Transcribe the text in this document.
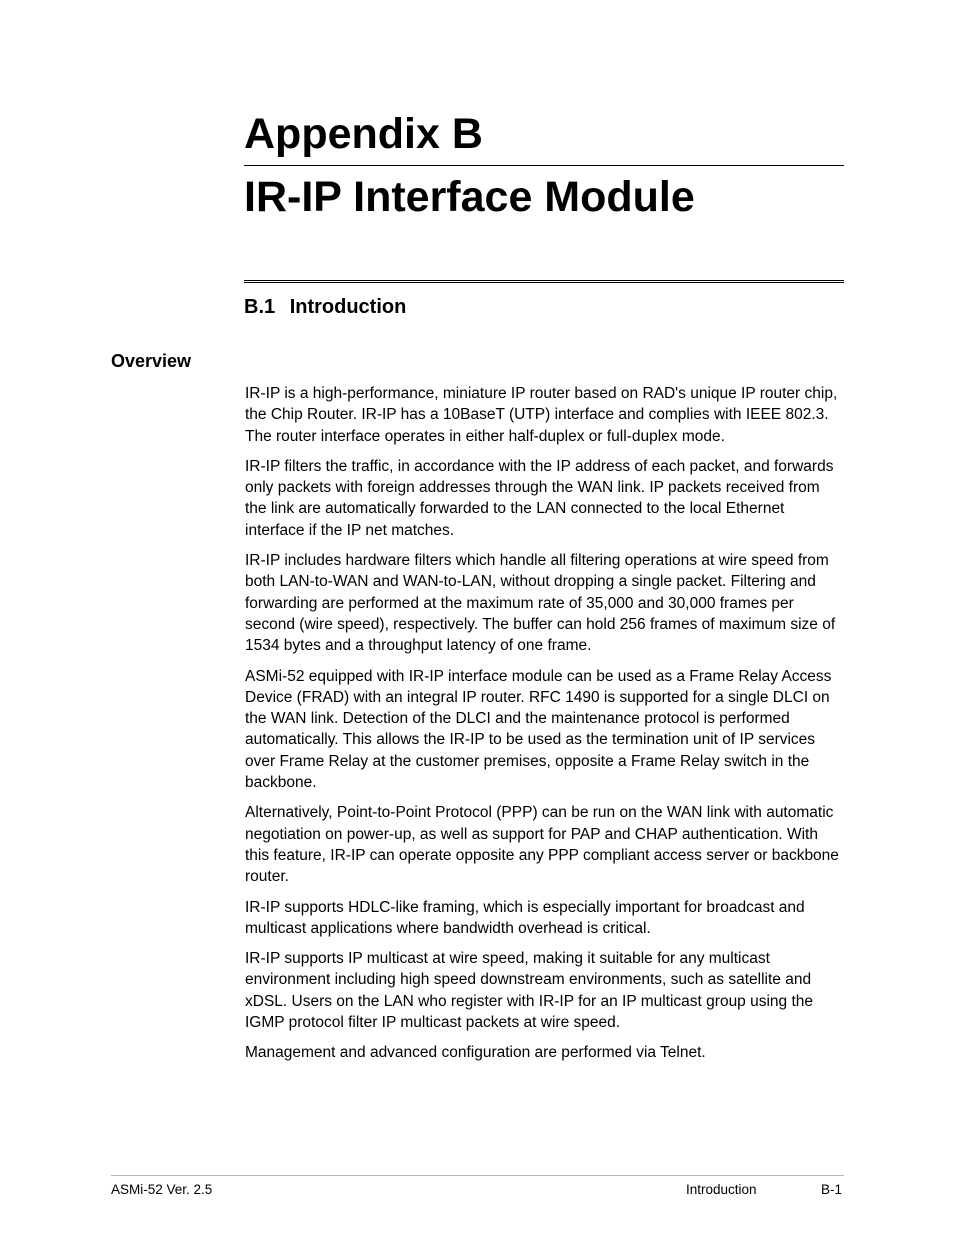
Appendix B
IR-IP Interface Module
B.1 Introduction
Overview

IR-IP is a high-performance, miniature IP router based on RAD's unique IP router chip, the Chip Router. IR-IP has a 10BaseT (UTP) interface and complies with IEEE 802.3. The router interface operates in either half-duplex or full-duplex mode.

IR-IP filters the traffic, in accordance with the IP address of each packet, and forwards only packets with foreign addresses through the WAN link. IP packets received from the link are automatically forwarded to the LAN connected to the local Ethernet interface if the IP net matches.

IR-IP includes hardware filters which handle all filtering operations at wire speed from both LAN-to-WAN and WAN-to-LAN, without dropping a single packet. Filtering and forwarding are performed at the maximum rate of 35,000 and 30,000 frames per second (wire speed), respectively. The buffer can hold 256 frames of maximum size of 1534 bytes and a throughput latency of one frame.

ASMi-52 equipped with IR-IP interface module can be used as a Frame Relay Access Device (FRAD) with an integral IP router. RFC 1490 is supported for a single DLCI on the WAN link. Detection of the DLCI and the maintenance protocol is performed automatically. This allows the IR-IP to be used as the termination unit of IP services over Frame Relay at the customer premises, opposite a Frame Relay switch in the backbone.

Alternatively, Point-to-Point Protocol (PPP) can be run on the WAN link with automatic negotiation on power-up, as well as support for PAP and CHAP authentication. With this feature, IR-IP can operate opposite any PPP compliant access server or backbone router.

IR-IP supports HDLC-like framing, which is especially important for broadcast and multicast applications where bandwidth overhead is critical.

IR-IP supports IP multicast at wire speed, making it suitable for any multicast environment including high speed downstream environments, such as satellite and xDSL. Users on the LAN who register with IR-IP for an IP multicast group using the IGMP protocol filter IP multicast packets at wire speed.

Management and advanced configuration are performed via Telnet.

ASMi-52 Ver. 2.5	Introduction	B-1
